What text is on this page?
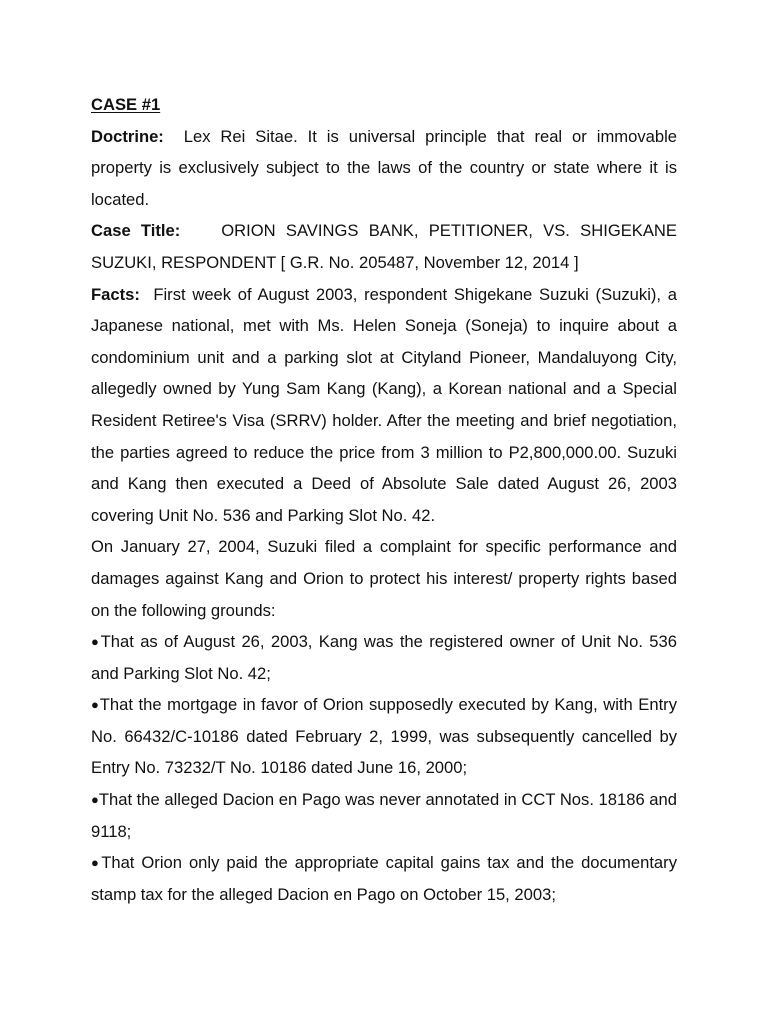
CASE #1

Doctrine: Lex Rei Sitae. It is universal principle that real or immovable property is exclusively subject to the laws of the country or state where it is located.

Case Title: ORION SAVINGS BANK, PETITIONER, VS. SHIGEKANE SUZUKI, RESPONDENT [ G.R. No. 205487, November 12, 2014 ]

Facts: First week of August 2003, respondent Shigekane Suzuki (Suzuki), a Japanese national, met with Ms. Helen Soneja (Soneja) to inquire about a condominium unit and a parking slot at Cityland Pioneer, Mandaluyong City, allegedly owned by Yung Sam Kang (Kang), a Korean national and a Special Resident Retiree's Visa (SRRV) holder. After the meeting and brief negotiation, the parties agreed to reduce the price from 3 million to P2,800,000.00. Suzuki and Kang then executed a Deed of Absolute Sale dated August 26, 2003 covering Unit No. 536 and Parking Slot No. 42.

On January 27, 2004, Suzuki filed a complaint for specific performance and damages against Kang and Orion to protect his interest/ property rights based on the following grounds:

●That as of August 26, 2003, Kang was the registered owner of Unit No. 536 and Parking Slot No. 42;

●That the mortgage in favor of Orion supposedly executed by Kang, with Entry No. 66432/C-10186 dated February 2, 1999, was subsequently cancelled by Entry No. 73232/T No. 10186 dated June 16, 2000;

●That the alleged Dacion en Pago was never annotated in CCT Nos. 18186 and 9118;

●That Orion only paid the appropriate capital gains tax and the documentary stamp tax for the alleged Dacion en Pago on October 15, 2003;
